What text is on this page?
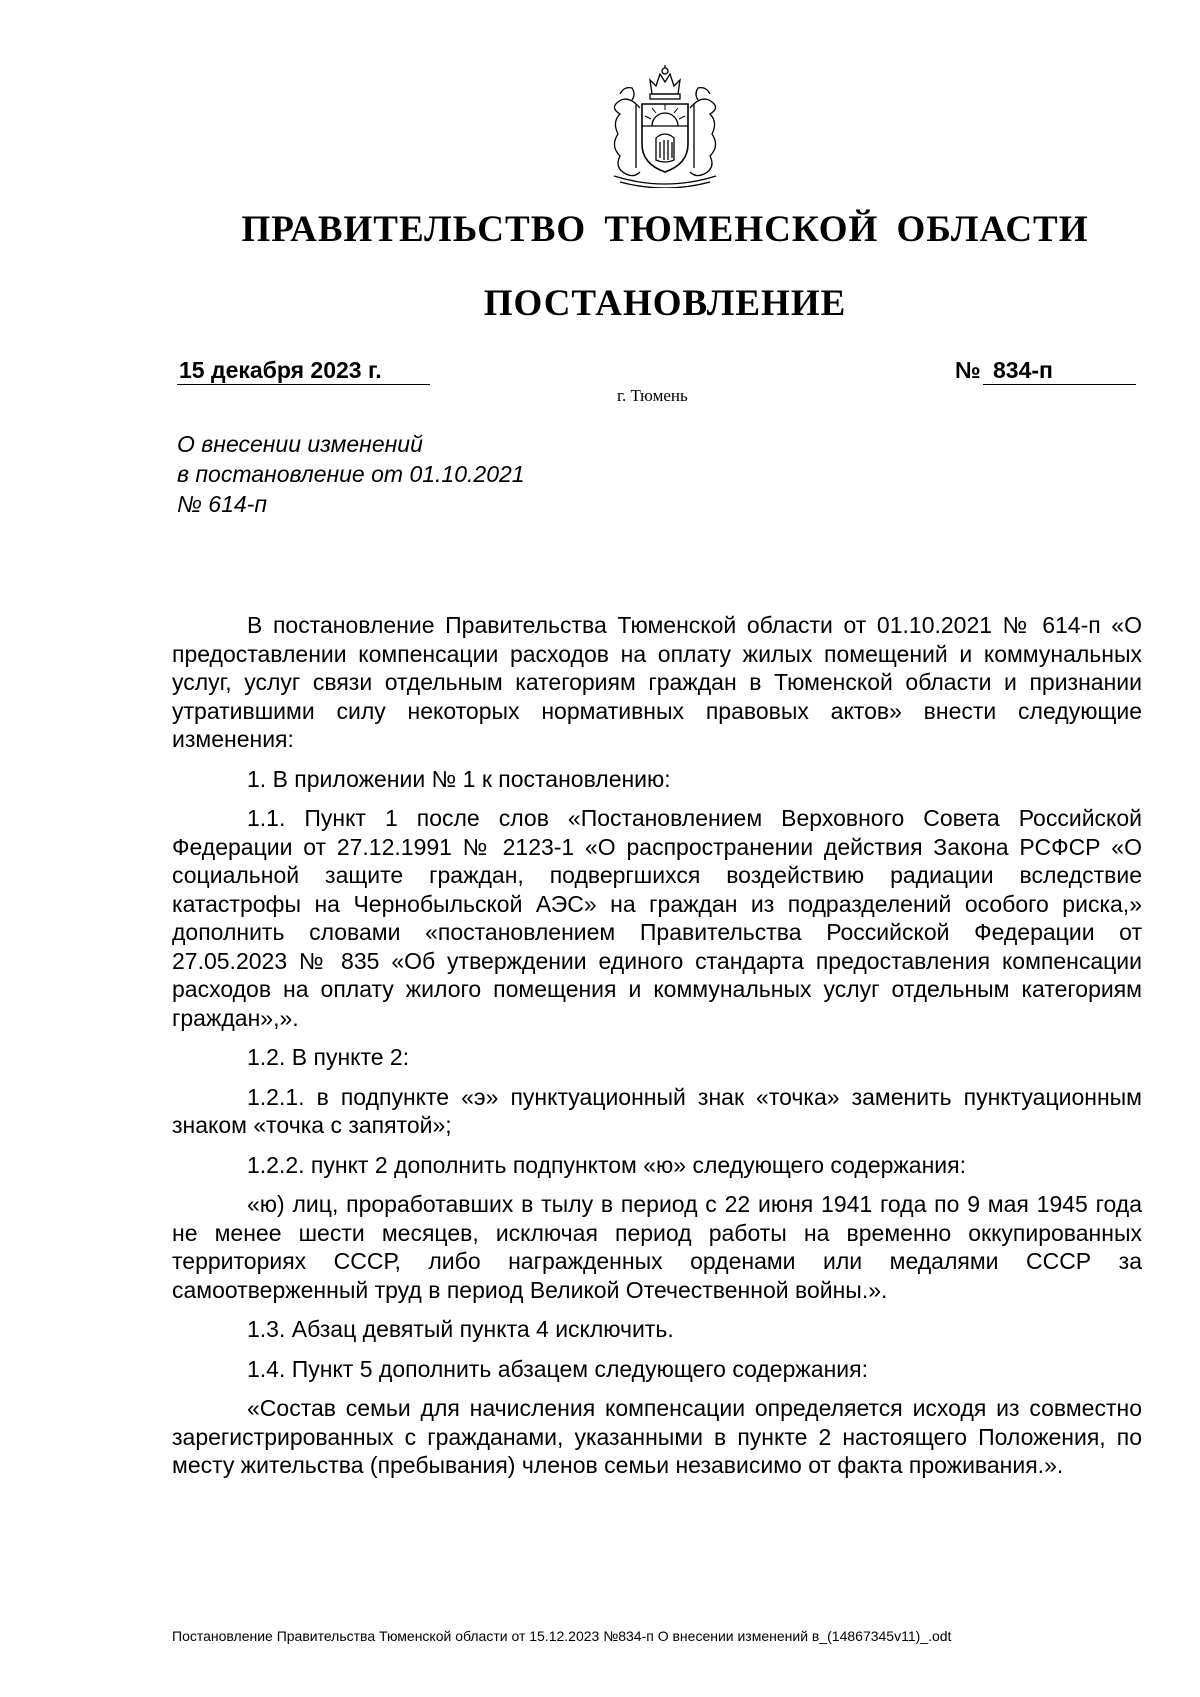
ПРАВИТЕЛЬСТВО ТЮМЕНСКОЙ ОБЛАСТИ
ПОСТАНОВЛЕНИЕ
15 декабря 2023 г.	№ 834-п
г. Тюмень
О внесении изменений
в постановление от 01.10.2021
№ 614-п

В постановление Правительства Тюменской области от 01.10.2021 № 614-п «О предоставлении компенсации расходов на оплату жилых помещений и коммунальных услуг, услуг связи отдельным категориям граждан в Тюменской области и признании утратившими силу некоторых нормативных правовых актов» внести следующие изменения:

1. В приложении № 1 к постановлению:

1.1. Пункт 1 после слов «Постановлением Верховного Совета Российской Федерации от 27.12.1991 № 2123-1 «О распространении действия Закона РСФСР «О социальной защите граждан, подвергшихся воздействию радиации вследствие катастрофы на Чернобыльской АЭС» на граждан из подразделений особого риска,» дополнить словами «постановлением Правительства Российской Федерации от 27.05.2023 № 835 «Об утверждении единого стандарта предоставления компенсации расходов на оплату жилого помещения и коммунальных услуг отдельным категориям граждан»,».

1.2. В пункте 2:

1.2.1. в подпункте «э» пунктуационный знак «точка» заменить пунктуационным знаком «точка с запятой»;

1.2.2. пункт 2 дополнить подпунктом «ю» следующего содержания:

«ю) лиц, проработавших в тылу в период с 22 июня 1941 года по 9 мая 1945 года не менее шести месяцев, исключая период работы на временно оккупированных территориях СССР, либо награжденных орденами или медалями СССР за самоотверженный труд в период Великой Отечественной войны.».

1.3. Абзац девятый пункта 4 исключить.

1.4. Пункт 5 дополнить абзацем следующего содержания:

«Состав семьи для начисления компенсации определяется исходя из совместно зарегистрированных с гражданами, указанными в пункте 2 настоящего Положения, по месту жительства (пребывания) членов семьи независимо от факта проживания.».

Постановление Правительства Тюменской области от 15.12.2023 №834-п О внесении изменений в_(14867345v11)_.odt
